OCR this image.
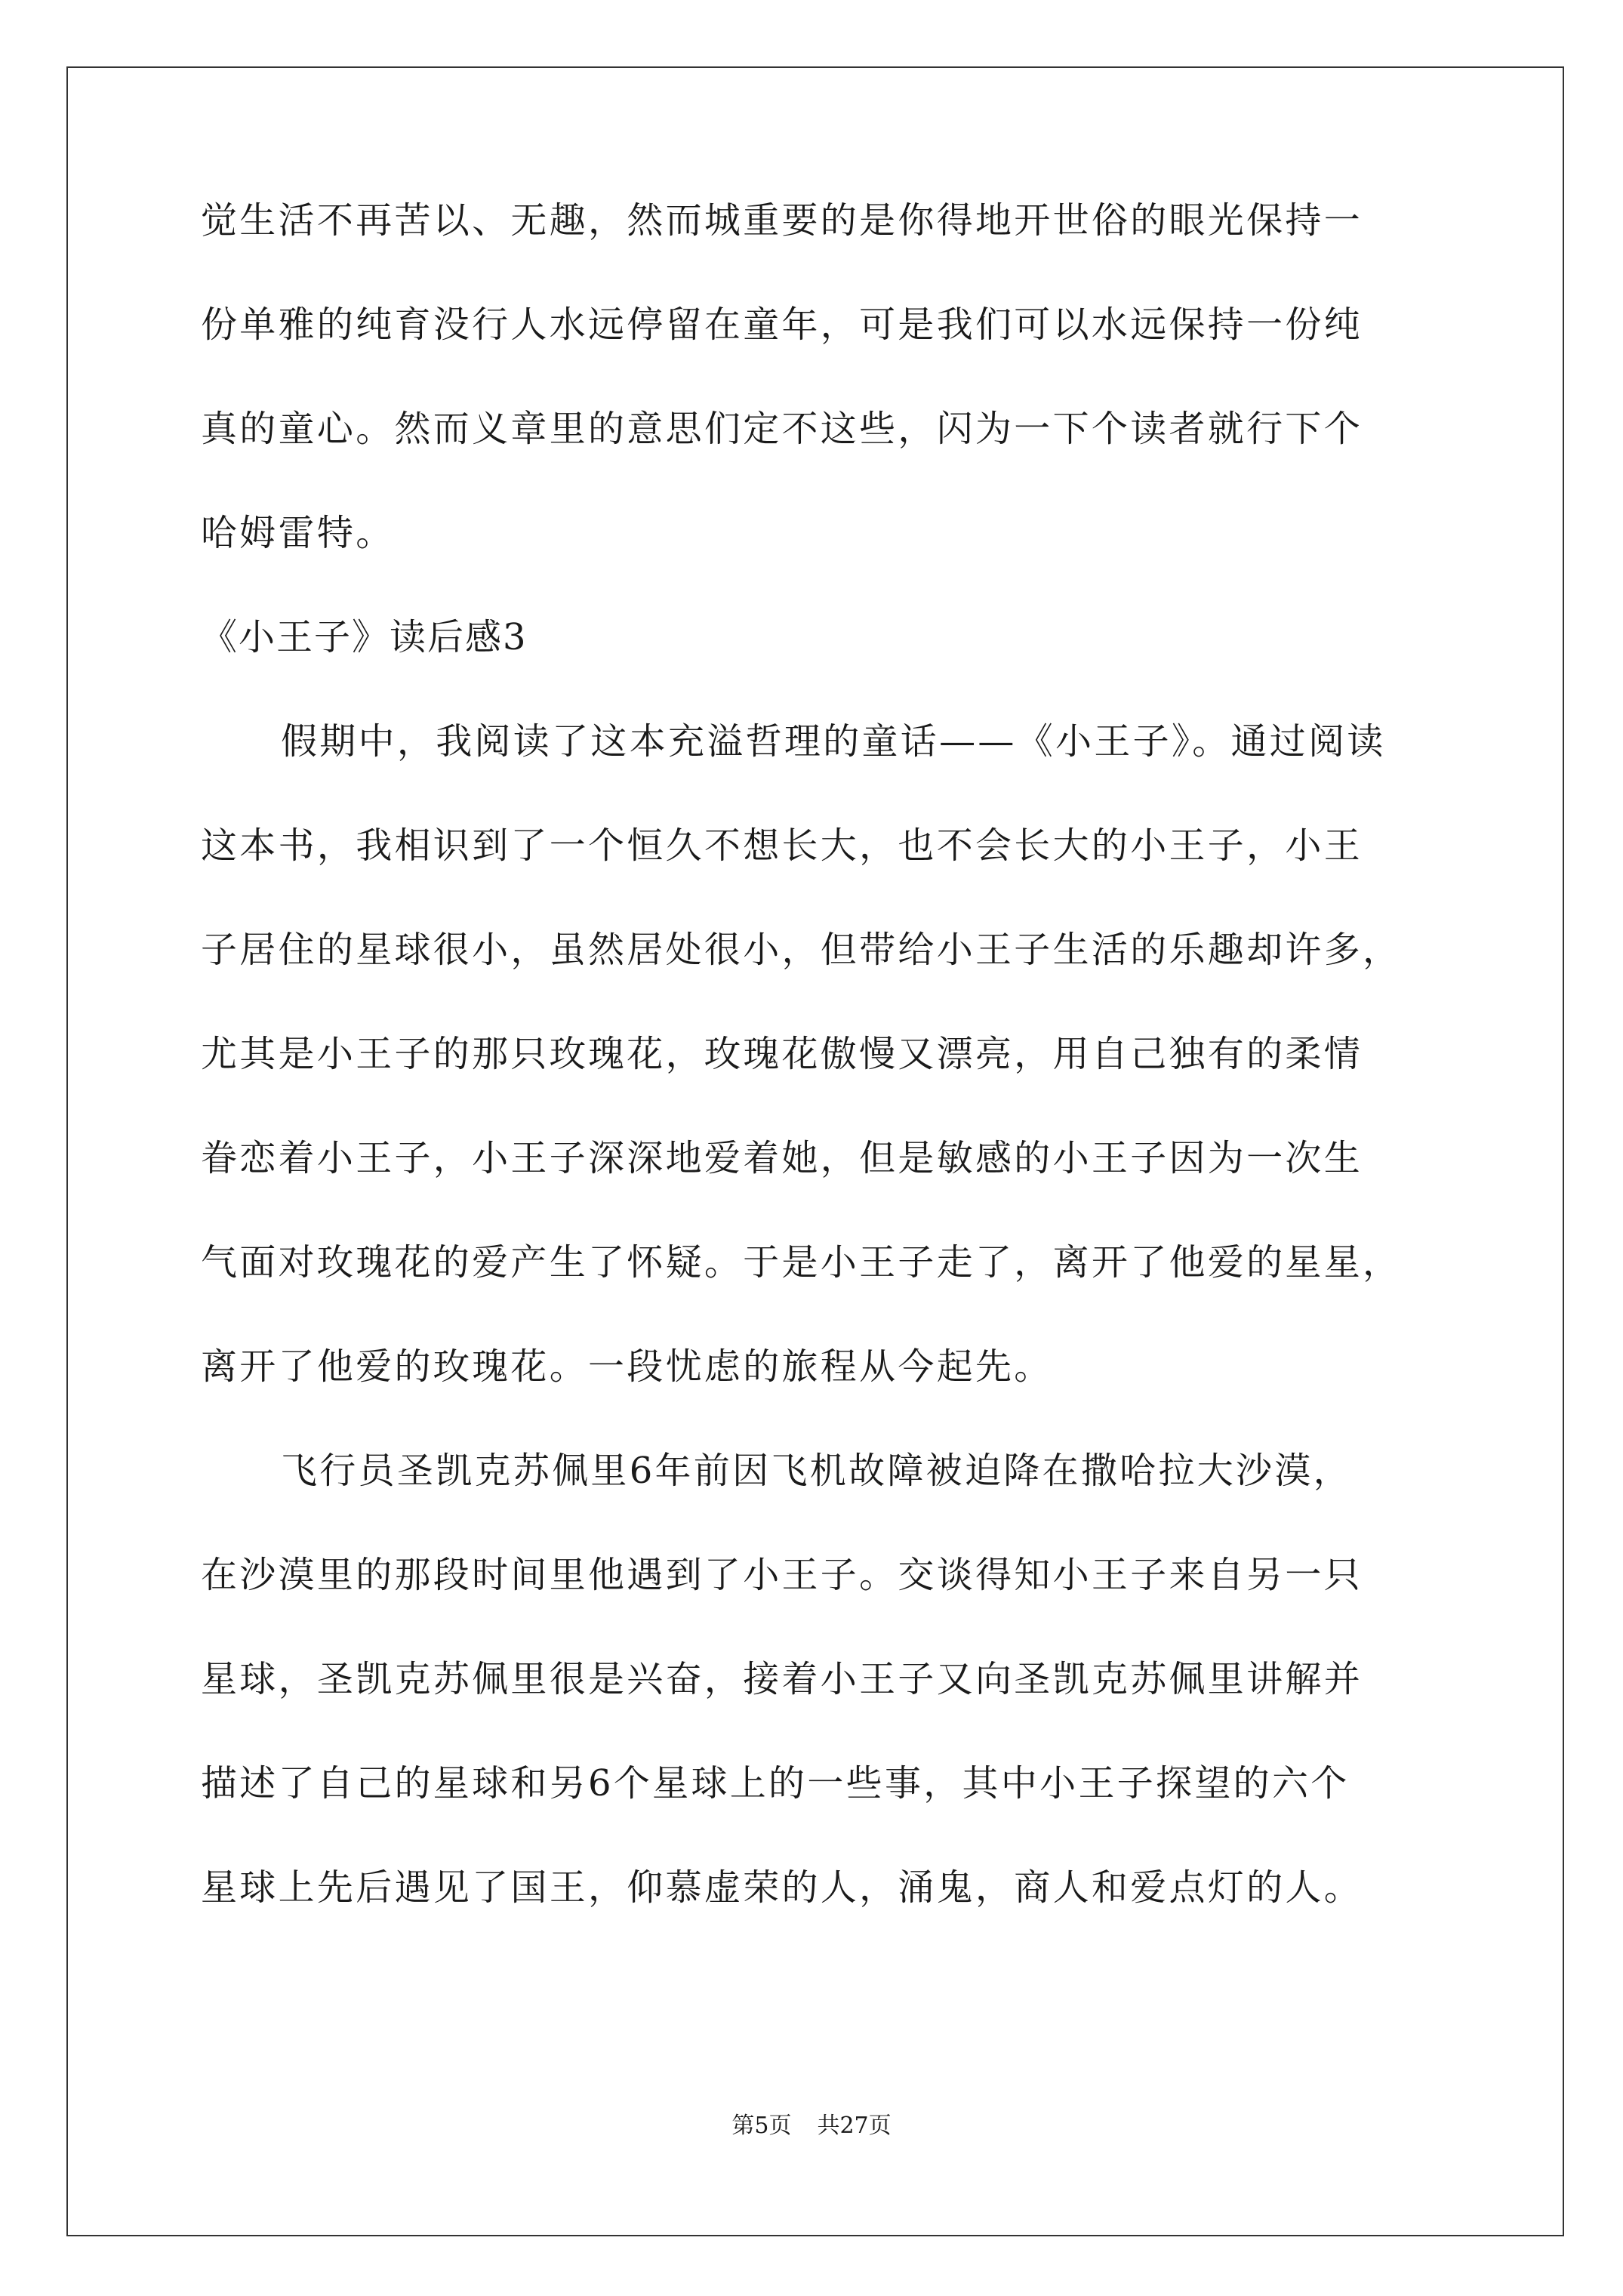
觉生活不再苦以、无趣，然而城重要的是你得地开世俗的眼光保持一
份单雅的纯育没行人水远停留在童年，可是我们可以水远保持一份纯
真的童心。然而义章里的意思们定不这些，闪为一下个读者就行下个
哈姆雷特。
《小王子》读后感3
假期中，我阅读了这本充溢哲理的童话——《小王子》。通过阅读
这本书，我相识到了一个恒久不想长大，也不会长大的小王子，小王
子居住的星球很小，虽然居处很小，但带给小王子生活的乐趣却许多，
尤其是小王子的那只玫瑰花，玫瑰花傲慢又漂亮，用自己独有的柔情
眷恋着小王子，小王子深深地爱着她，但是敏感的小王子因为一次生
气面对玫瑰花的爱产生了怀疑。于是小王子走了，离开了他爱的星星，
离开了他爱的玫瑰花。一段忧虑的旅程从今起先。
飞行员圣凯克苏佩里6年前因飞机故障被迫降在撒哈拉大沙漠，
在沙漠里的那段时间里他遇到了小王子。交谈得知小王子来自另一只
星球，圣凯克苏佩里很是兴奋，接着小王子又向圣凯克苏佩里讲解并
描述了自己的星球和另6个星球上的一些事，其中小王子探望的六个
星球上先后遇见了国王，仰慕虚荣的人，涌鬼，商人和爱点灯的人。
第5页 共27页
